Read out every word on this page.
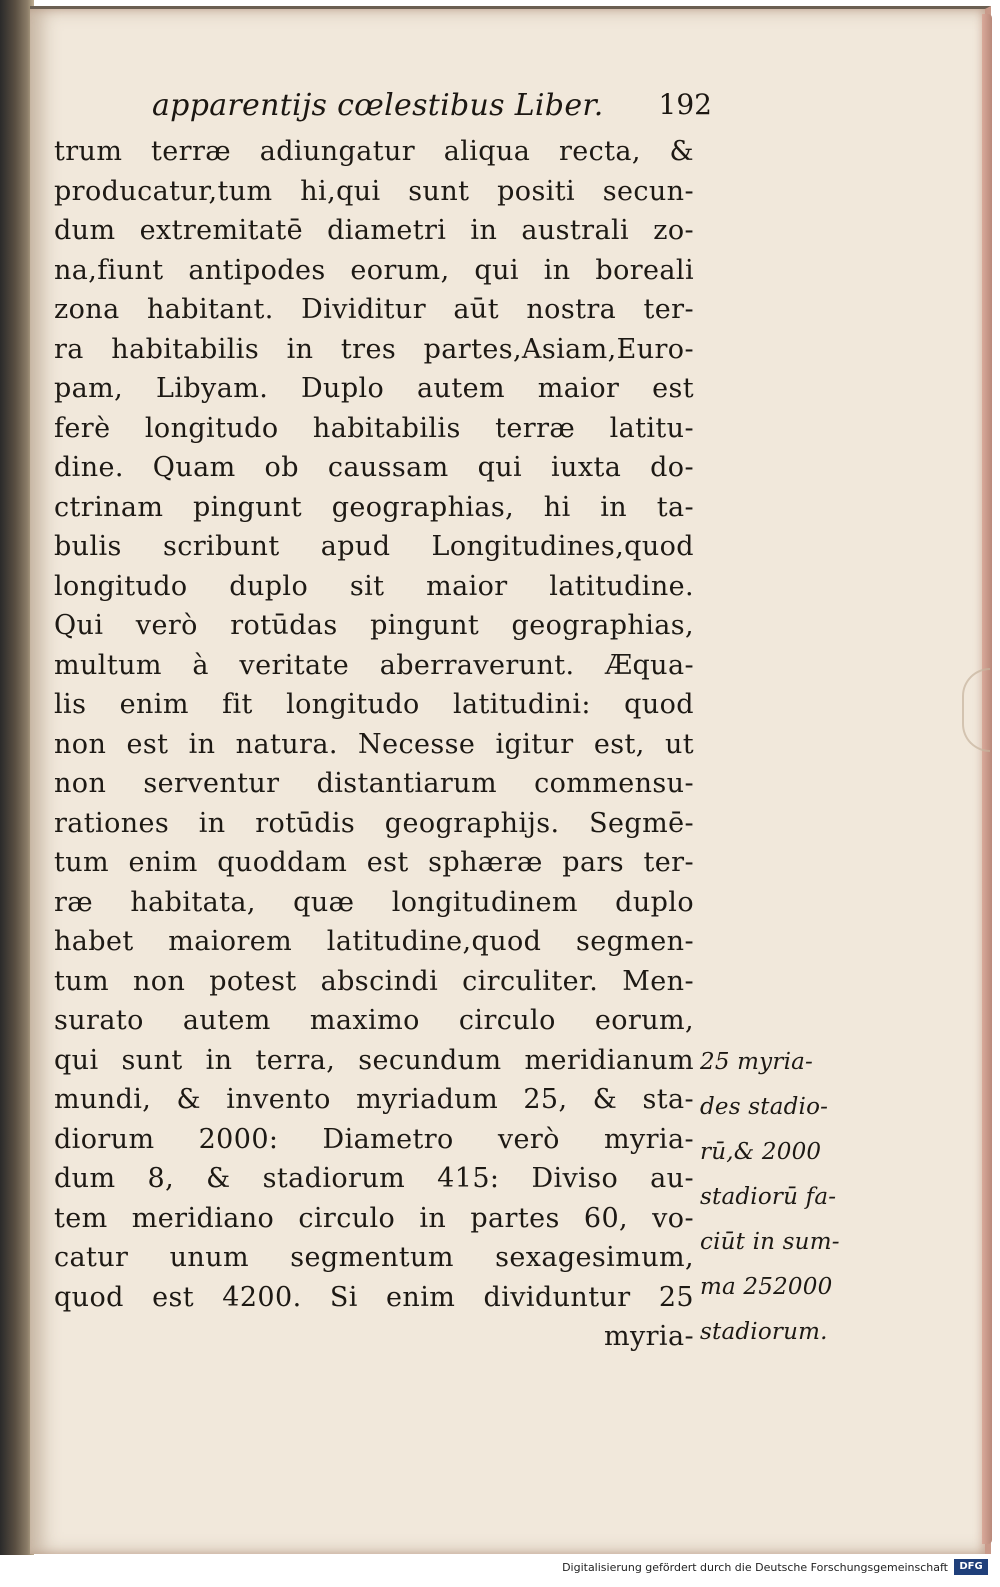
apparentijs cœlestibus Liber. 192
trum terræ adiungatur aliqua recta, &
producatur,tum hi,qui sunt positi secun-
dum extremitatē diametri in australi zo-
na,fiunt antipodes eorum, qui in boreali
zona habitant. Dividitur aūt nostra ter-
ra habitabilis in tres partes,Asiam,Euro-
pam, Libyam. Duplo autem maior est
ferè longitudo habitabilis terræ latitu-
dine. Quam ob caussam qui iuxta do-
ctrinam pingunt geographias, hi in ta-
bulis scribunt apud Longitudines,quod
longitudo duplo sit maior latitudine.
Qui verò rotūdas pingunt geographias,
multum à veritate aberraverunt. Æqua-
lis enim fit longitudo latitudini: quod
non est in natura. Necesse igitur est, ut
non serventur distantiarum commensu-
rationes in rotūdis geographijs. Segmē-
tum enim quoddam est sphæræ pars ter-
ræ habitata, quæ longitudinem duplo
habet maiorem latitudine,quod segmen-
tum non potest abscindi circuliter. Men-
surato autem maximo circulo eorum,
qui sunt in terra, secundum meridianum
mundi, & invento myriadum 25, & sta-
diorum 2000: Diametro verò myria-
dum 8, & stadiorum 415: Diviso au-
tem meridiano circulo in partes 60, vo-
catur unum segmentum sexagesimum,
quod est 4200. Si enim dividuntur 25
myria-
25 myria-
des stadio-
rū,& 2000
stadiorū fa-
ciūt in sum-
ma 252000
stadiorum.
Digitalisierung gefördert durch die Deutsche Forschungsgemeinschaft	DFG
